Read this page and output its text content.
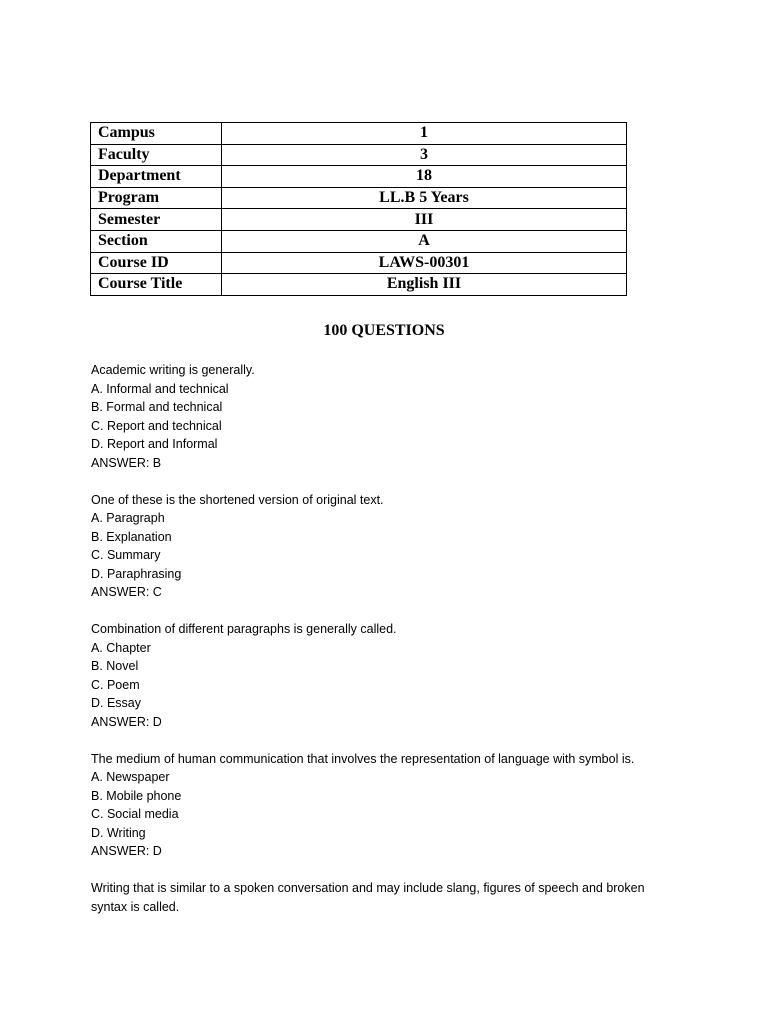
Campus	1
Faculty	3
Department	18
Program	LL.B 5 Years
Semester	III
Section	A
Course ID	LAWS-00301
Course Title	English III
100 QUESTIONS
Academic writing is generally.
A. Informal and technical
B. Formal and technical
C. Report and technical
D. Report and Informal
ANSWER: B
One of these is the shortened version of original text.
A. Paragraph
B. Explanation
C. Summary
D. Paraphrasing
ANSWER: C
Combination of different paragraphs is generally called.
A. Chapter
B. Novel
C. Poem
D. Essay
ANSWER: D
The medium of human communication that involves the representation of language with symbol is.
A. Newspaper
B. Mobile phone
C. Social media
D. Writing
ANSWER: D
Writing that is similar to a spoken conversation and may include slang, figures of speech and broken syntax is called.
